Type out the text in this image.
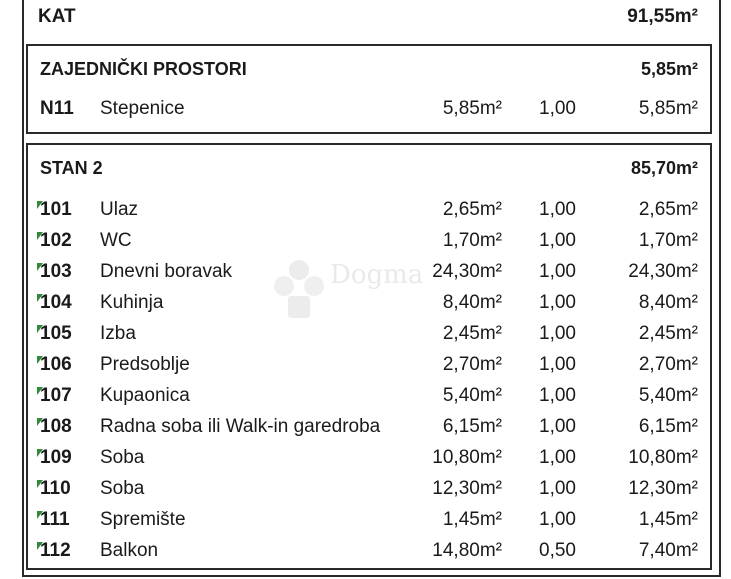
KAT	91,55m²
ZAJEDNIČKI PROSTORI	5,85m²
N11 Stepenice	5,85m² 1,00	5,85m²
STAN 2	85,70m²
101 Ulaz	2,65m² 1,00	2,65m²
102 WC	1,70m² 1,00	1,70m²
103 Dnevni boravak	24,30m² 1,00	24,30m²
104 Kuhinja	8,40m² 1,00	8,40m²
105 Izba	2,45m² 1,00	2,45m²
106 Predsoblje	2,70m² 1,00	2,70m²
107 Kupaonica	5,40m² 1,00	5,40m²
108 Radna soba ili Walk-in garedroba	6,15m² 1,00	6,15m²
109 Soba	10,80m² 1,00	10,80m²
110 Soba	12,30m² 1,00	12,30m²
111 Spremište	1,45m² 1,00	1,45m²
112 Balkon	14,80m² 0,50	7,40m²
Dogma
